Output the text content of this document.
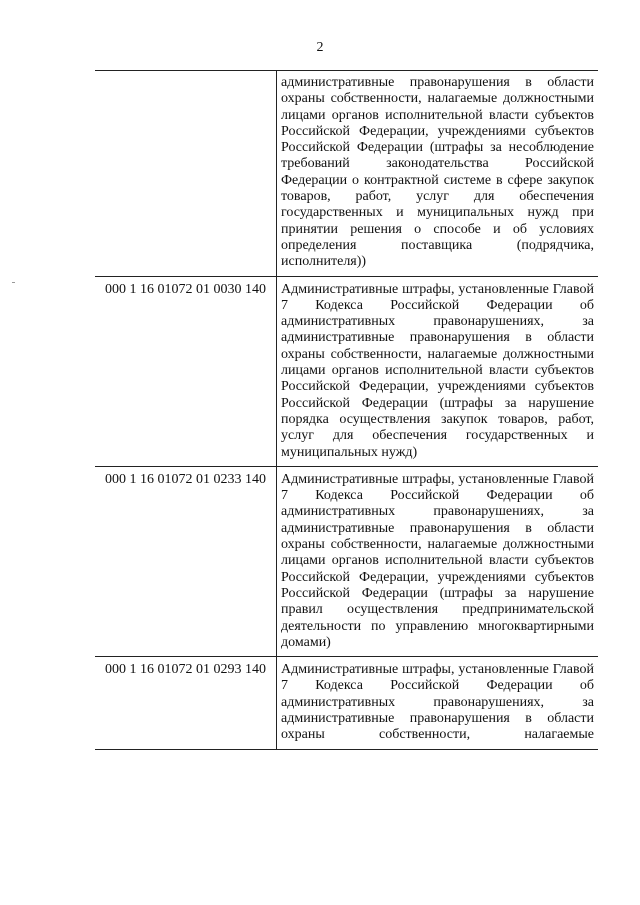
2
	административные правонарушения в области охраны собственности, налагаемые должностными лицами органов исполнительной власти субъектов Российской Федерации, учреждениями субъектов Российской Федерации (штрафы за несоблюдение требований законодательства Российской Федерации о контрактной системе в сфере закупок товаров, работ, услуг для обеспечения государственных и муниципальных нужд при принятии решения о способе и об условиях определения поставщика (подрядчика, исполнителя))
000 1 16 01072 01 0030 140	Административные штрафы, установленные Главой 7 Кодекса Российской Федерации об административных правонарушениях, за административные правонарушения в области охраны собственности, налагаемые должностными лицами органов исполнительной власти субъектов Российской Федерации, учреждениями субъектов Российской Федерации (штрафы за нарушение порядка осуществления закупок товаров, работ, услуг для обеспечения государственных и муниципальных нужд)
000 1 16 01072 01 0233 140	Административные штрафы, установленные Главой 7 Кодекса Российской Федерации об административных правонарушениях, за административные правонарушения в области охраны собственности, налагаемые должностными лицами органов исполнительной власти субъектов Российской Федерации, учреждениями субъектов Российской Федерации (штрафы за нарушение правил осуществления предпринимательской деятельности по управлению многоквартирными домами)
000 1 16 01072 01 0293 140	Административные штрафы, установленные Главой 7 Кодекса Российской Федерации об административных правонарушениях, за административные правонарушения в области охраны собственности, налагаемые
